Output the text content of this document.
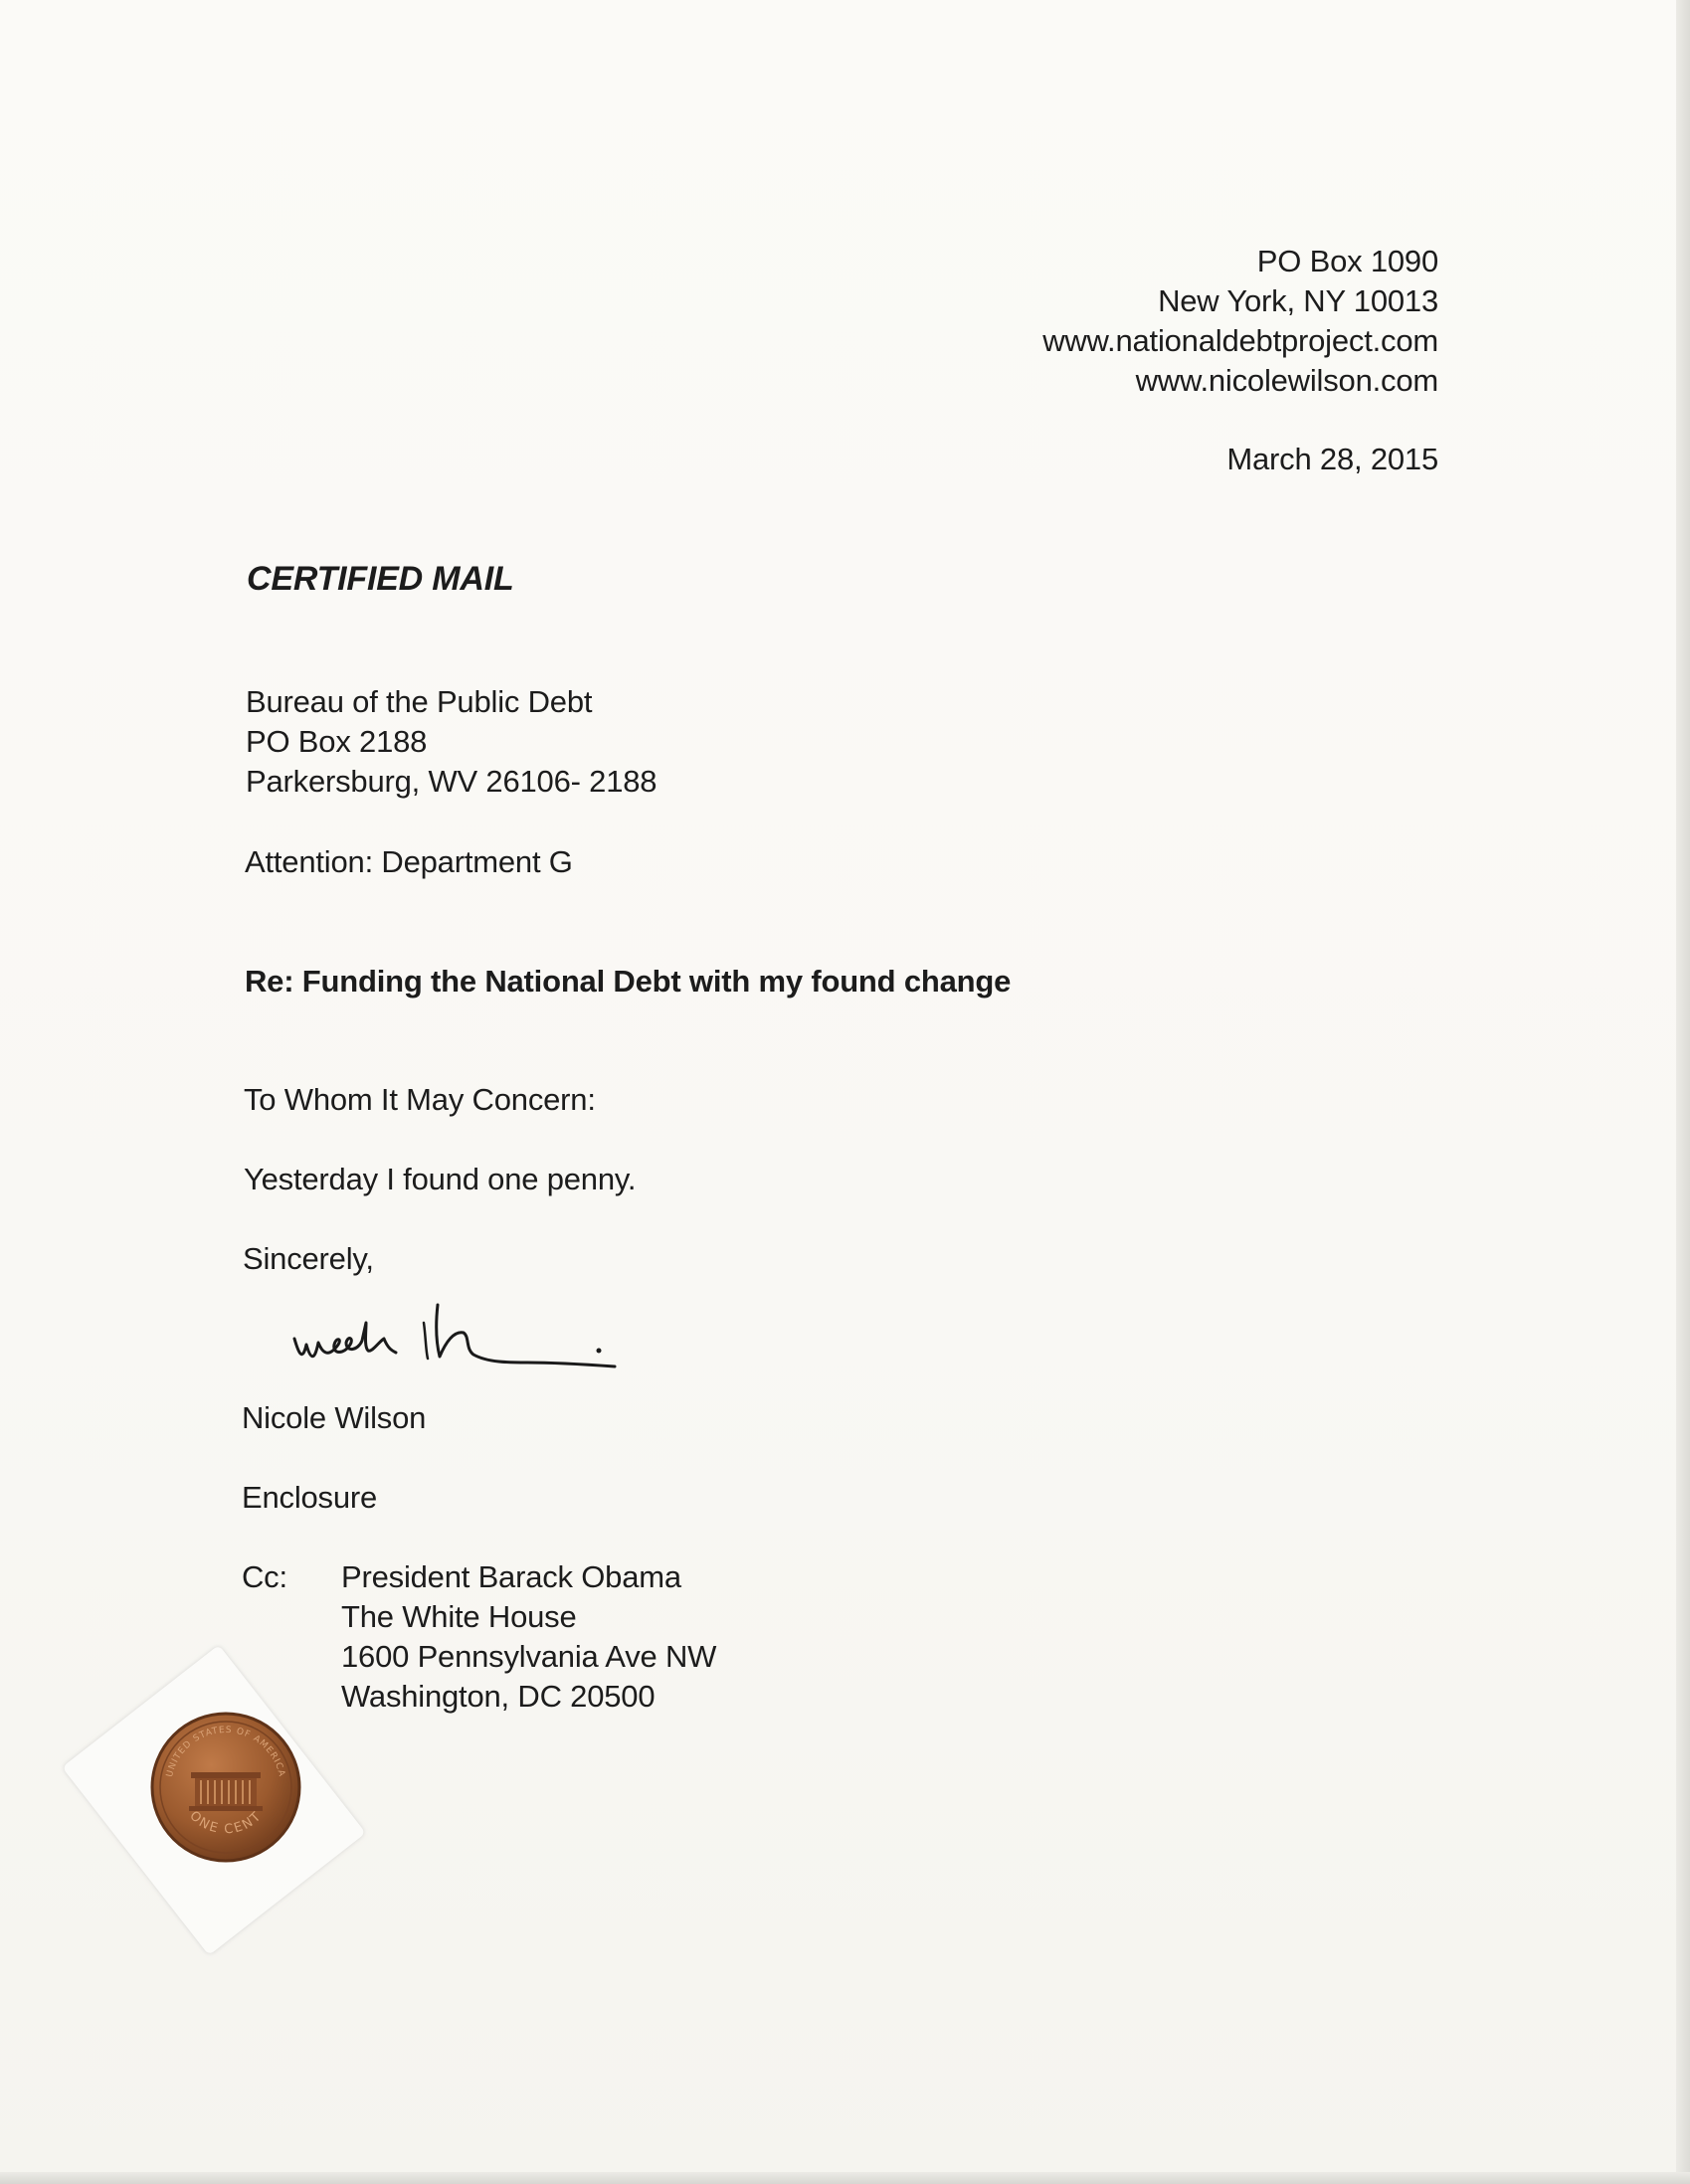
PO Box 1090
New York, NY 10013
www.nationaldebtproject.com
www.nicolewilson.com
March 28, 2015
CERTIFIED MAIL
Bureau of the Public Debt
PO Box 2188
Parkersburg, WV 26106- 2188
Attention: Department G
Re: Funding the National Debt with my found change
To Whom It May Concern:
Yesterday I found one penny.
Sincerely,
Nicole Wilson
Enclosure
Cc: President Barack Obama
The White House
1600 Pennsylvania Ave NW
Washington, DC 20500
UNITED STATES OF AMERICA
ONE CENT
